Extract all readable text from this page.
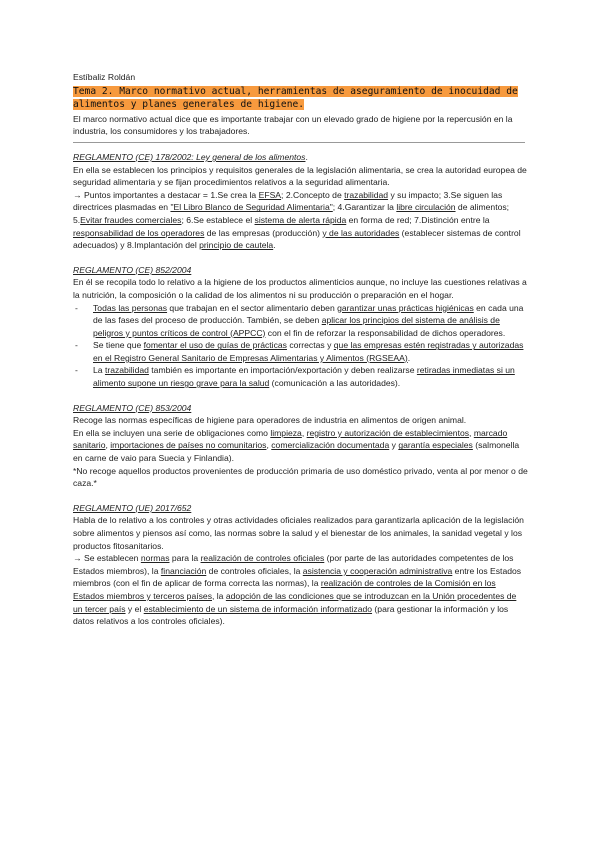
Estíbaliz Roldán

Tema 2. Marco normativo actual, herramientas de aseguramiento de inocuidad de alimentos y planes generales de higiene.

El marco normativo actual dice que es importante trabajar con un elevado grado de higiene por la repercusión en la industria, los consumidores y los trabajadores.

REGLAMENTO (CE) 178/2002: Ley general de los alimentos.

En ella se establecen los principios y requisitos generales de la legislación alimentaria, se crea la autoridad europea de seguridad alimentaria y se fijan procedimientos relativos a la seguridad alimentaria.

→ Puntos importantes a destacar = 1.Se crea la EFSA; 2.Concepto de trazabilidad y su impacto; 3.Se siguen las directrices plasmadas en "El Libro Blanco de Seguridad Alimentaria"; 4.Garantizar la libre circulación de alimentos; 5.Evitar fraudes comerciales; 6.Se establece el sistema de alerta rápida en forma de red; 7.Distinción entre la responsabilidad de los operadores de las empresas (producción) y de las autoridades (establecer sistemas de control adecuados) y 8.Implantación del principio de cautela.

REGLAMENTO (CE) 852/2004

En él se recopila todo lo relativo a la higiene de los productos alimenticios aunque, no incluye las cuestiones relativas a la nutrición, la composición o la calidad de los alimentos ni su producción o preparación en el hogar.

- Todas las personas que trabajan en el sector alimentario deben garantizar unas prácticas higiénicas en cada una de las fases del proceso de producción. También, se deben aplicar los principios del sistema de análisis de peligros y puntos críticos de control (APPCC) con el fin de reforzar la responsabilidad de dichos operadores.
- Se tiene que fomentar el uso de guías de prácticas correctas y que las empresas estén registradas y autorizadas en el Registro General Sanitario de Empresas Alimentarias y Alimentos (RGSEAA).
- La trazabilidad también es importante en importación/exportación y deben realizarse retiradas inmediatas si un alimento supone un riesgo grave para la salud (comunicación a las autoridades).

REGLAMENTO (CE) 853/2004

Recoge las normas específicas de higiene para operadores de industria en alimentos de origen animal.

En ella se incluyen una serie de obligaciones como limpieza, registro y autorización de establecimientos, marcado sanitario, importaciones de países no comunitarios, comercialización documentada y garantía especiales (salmonella en carne de vaio para Suecia y Finlandia).

*No recoge aquellos productos provenientes de producción primaria de uso doméstico privado, venta al por menor o de caza.*

REGLAMENTO (UE) 2017/652

Habla de lo relativo a los controles y otras actividades oficiales realizados para garantizarla aplicación de la legislación sobre alimentos y piensos así como, las normas sobre la salud y el bienestar de los animales, la sanidad vegetal y los productos fitosanitarios.

→ Se establecen normas para la realización de controles oficiales (por parte de las autoridades competentes de los Estados miembros), la financiación de controles oficiales, la asistencia y cooperación administrativa entre los Estados miembros (con el fin de aplicar de forma correcta las normas), la realización de controles de la Comisión en los Estados miembros y terceros países, la adopción de las condiciones que se introduzcan en la Unión procedentes de un tercer país y el establecimiento de un sistema de información informatizado (para gestionar la información y los datos relativos a los controles oficiales).
